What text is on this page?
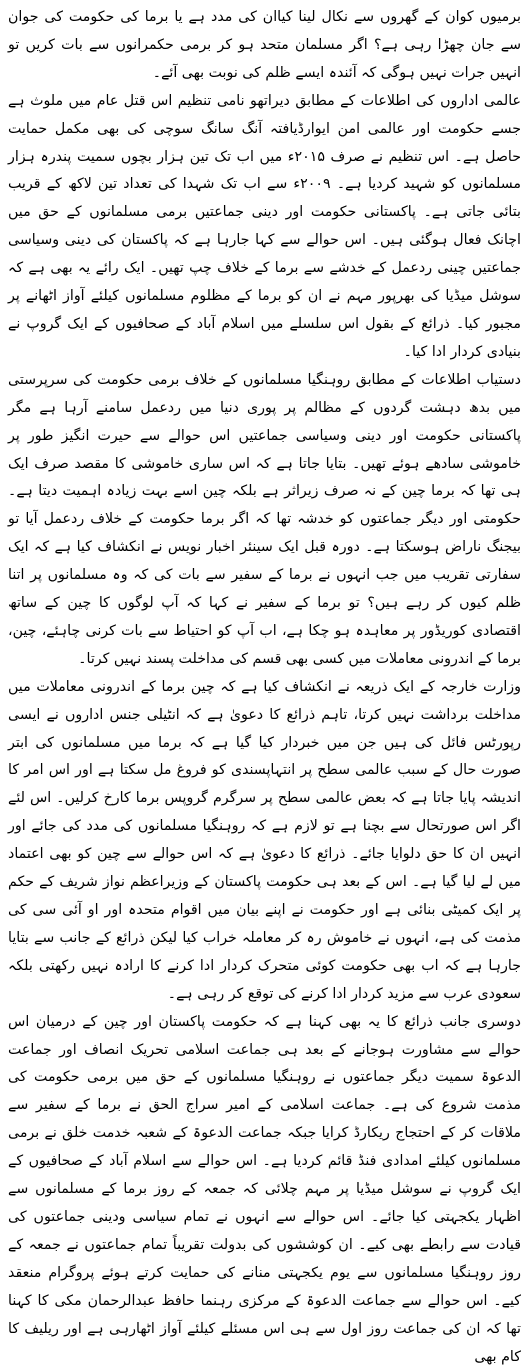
برمیوں کوان کے گھروں سے نکال لینا کیاان کی مدد ہے یا برما کی حکومت کی جوان سے جان چھڑا رہی ہے؟ اگر مسلمان متحد ہو کر برمی حکمرانوں سے بات کریں تو انہیں جرات نہیں ہوگی کہ آئندہ ایسے ظلم کی نوبت بھی آئے۔

عالمی اداروں کی اطلاعات کے مطابق دیراتھو نامی تنظیم اس قتل عام میں ملوث ہے جسے حکومت اور عالمی امن ایوارڈیافتہ آنگ سانگ سوچی کی بھی مکمل حمایت حاصل ہے۔ اس تنظیم نے صرف ۲۰۱۵ء میں اب تک تین ہزار بچوں سمیت پندرہ ہزار مسلمانوں کو شہید کردیا ہے۔ ۲۰۰۹ء سے اب تک شہدا کی تعداد تین لاکھ کے قریب بتائی جاتی ہے۔ پاکستانی حکومت اور دینی جماعتیں برمی مسلمانوں کے حق میں اچانک فعال ہوگئی ہیں۔ اس حوالے سے کہا جارہا ہے کہ پاکستان کی دینی وسیاسی جماعتیں چینی ردعمل کے خدشے سے برما کے خلاف چپ تھیں۔ ایک رائے یہ بھی ہے کہ سوشل میڈیا کی بھرپور مہم نے ان کو برما کے مظلوم مسلمانوں کیلئے آواز اٹھانے پر مجبور کیا۔ ذرائع کے بقول اس سلسلے میں اسلام آباد کے صحافیوں کے ایک گروپ نے بنیادی کردار ادا کیا۔

دستیاب اطلاعات کے مطابق روہنگیا مسلمانوں کے خلاف برمی حکومت کی سرپرستی میں بدھ دہشت گردوں کے مظالم پر پوری دنیا میں ردعمل سامنے آرہا ہے مگر پاکستانی حکومت اور دینی وسیاسی جماعتیں اس حوالے سے حیرت انگیز طور پر خاموشی سادھے ہوئے تھیں۔ بتایا جاتا ہے کہ اس ساری خاموشی کا مقصد صرف ایک ہی تھا کہ برما چین کے نہ صرف زیراثر ہے بلکہ چین اسے بہت زیادہ اہمیت دیتا ہے۔ حکومتی اور دیگر جماعتوں کو خدشہ تھا کہ اگر برما حکومت کے خلاف ردعمل آیا تو بیجنگ ناراض ہوسکتا ہے۔ دورہ قبل ایک سینئر اخبار نویس نے انکشاف کیا ہے کہ ایک سفارتی تقریب میں جب انہوں نے برما کے سفیر سے بات کی کہ وہ مسلمانوں پر اتنا ظلم کیوں کر رہے ہیں؟ تو برما کے سفیر نے کہا کہ آپ لوگوں کا چین کے ساتھ اقتصادی کوریڈور پر معاہدہ ہو چکا ہے، اب آپ کو احتیاط سے بات کرنی چاہئے، چین، برما کے اندرونی معاملات میں کسی بھی قسم کی مداخلت پسند نہیں کرتا۔

وزارت خارجہ کے ایک ذریعہ نے انکشاف کیا ہے کہ چین برما کے اندرونی معاملات میں مداخلت برداشت نہیں کرتا، تاہم ذرائع کا دعویٰ ہے کہ انٹیلی جنس اداروں نے ایسی رپورٹس فائل کی ہیں جن میں خبردار کیا گیا ہے کہ برما میں مسلمانوں کی ابتر صورت حال کے سبب عالمی سطح پر انتہاپسندی کو فروغ مل سکتا ہے اور اس امر کا اندیشہ پایا جاتا ہے کہ بعض عالمی سطح پر سرگرم گروپس برما کارخ کرلیں۔ اس لئے اگر اس صورتحال سے بچنا ہے تو لازم ہے کہ روہنگیا مسلمانوں کی مدد کی جائے اور انہیں ان کا حق دلوایا جائے۔ ذرائع کا دعویٰ ہے کہ اس حوالے سے چین کو بھی اعتماد میں لے لیا گیا ہے۔ اس کے بعد ہی حکومت پاکستان کے وزیراعظم نواز شریف کے حکم پر ایک کمیٹی بنائی ہے اور حکومت نے اپنے بیان میں اقوام متحدہ اور او آئی سی کی مذمت کی ہے، انہوں نے خاموش رہ کر معاملہ خراب کیا لیکن ذرائع کے جانب سے بتایا جارہا ہے کہ اب بھی حکومت کوئی متحرک کردار ادا کرنے کا ارادہ نہیں رکھتی بلکہ سعودی عرب سے مزید کردار ادا کرنے کی توقع کر رہی ہے۔

دوسری جانب ذرائع کا یہ بھی کہنا ہے کہ حکومت پاکستان اور چین کے درمیان اس حوالے سے مشاورت ہوجانے کے بعد ہی جماعت اسلامی تحریک انصاف اور جماعت الدعوۃ سمیت دیگر جماعتوں نے روہنگیا مسلمانوں کے حق میں برمی حکومت کی مذمت شروع کی ہے۔ جماعت اسلامی کے امیر سراج الحق نے برما کے سفیر سے ملاقات کر کے احتجاج ریکارڈ کرایا جبکہ جماعت الدعوۃ کے شعبہ خدمت خلق نے برمی مسلمانوں کیلئے امدادی فنڈ قائم کردیا ہے۔ اس حوالے سے اسلام آباد کے صحافیوں کے ایک گروپ نے سوشل میڈیا پر مہم چلائی کہ جمعہ کے روز برما کے مسلمانوں سے اظہار یکجہتی کیا جائے۔ اس حوالے سے انہوں نے تمام سیاسی ودینی جماعتوں کی قیادت سے رابطے بھی کیے۔ ان کوششوں کی بدولت تقریباً تمام جماعتوں نے جمعہ کے روز روہنگیا مسلمانوں سے یوم یکجہتی منانے کی حمایت کرتے ہوئے پروگرام منعقد کیے۔ اس حوالے سے جماعت الدعوۃ کے مرکزی رہنما حافظ عبدالرحمان مکی کا کہنا تھا کہ ان کی جماعت روز اول سے ہی اس مسئلے کیلئے آواز اٹھارہی ہے اور ریلیف کا کام بھی
